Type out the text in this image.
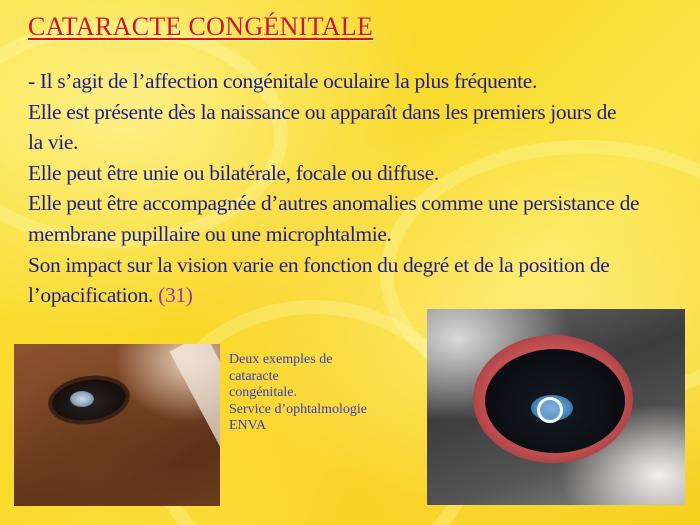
CATARACTE CONGÉNITALE

- Il s’agit de l’affection congénitale oculaire la plus fréquente.

Elle est présente dès la naissance ou apparaît dans les premiers jours de

la vie.

Elle peut être unie ou bilatérale, focale ou diffuse.

Elle peut être accompagnée d’autres anomalies comme une persistance de

membrane pupillaire ou une microphtalmie.

Son impact sur la vision varie en fonction du degré et de la position de

l’opacification. (31)

Deux exemples de
cataracte
congénitale.
Service d’ophtalmologie
ENVA
